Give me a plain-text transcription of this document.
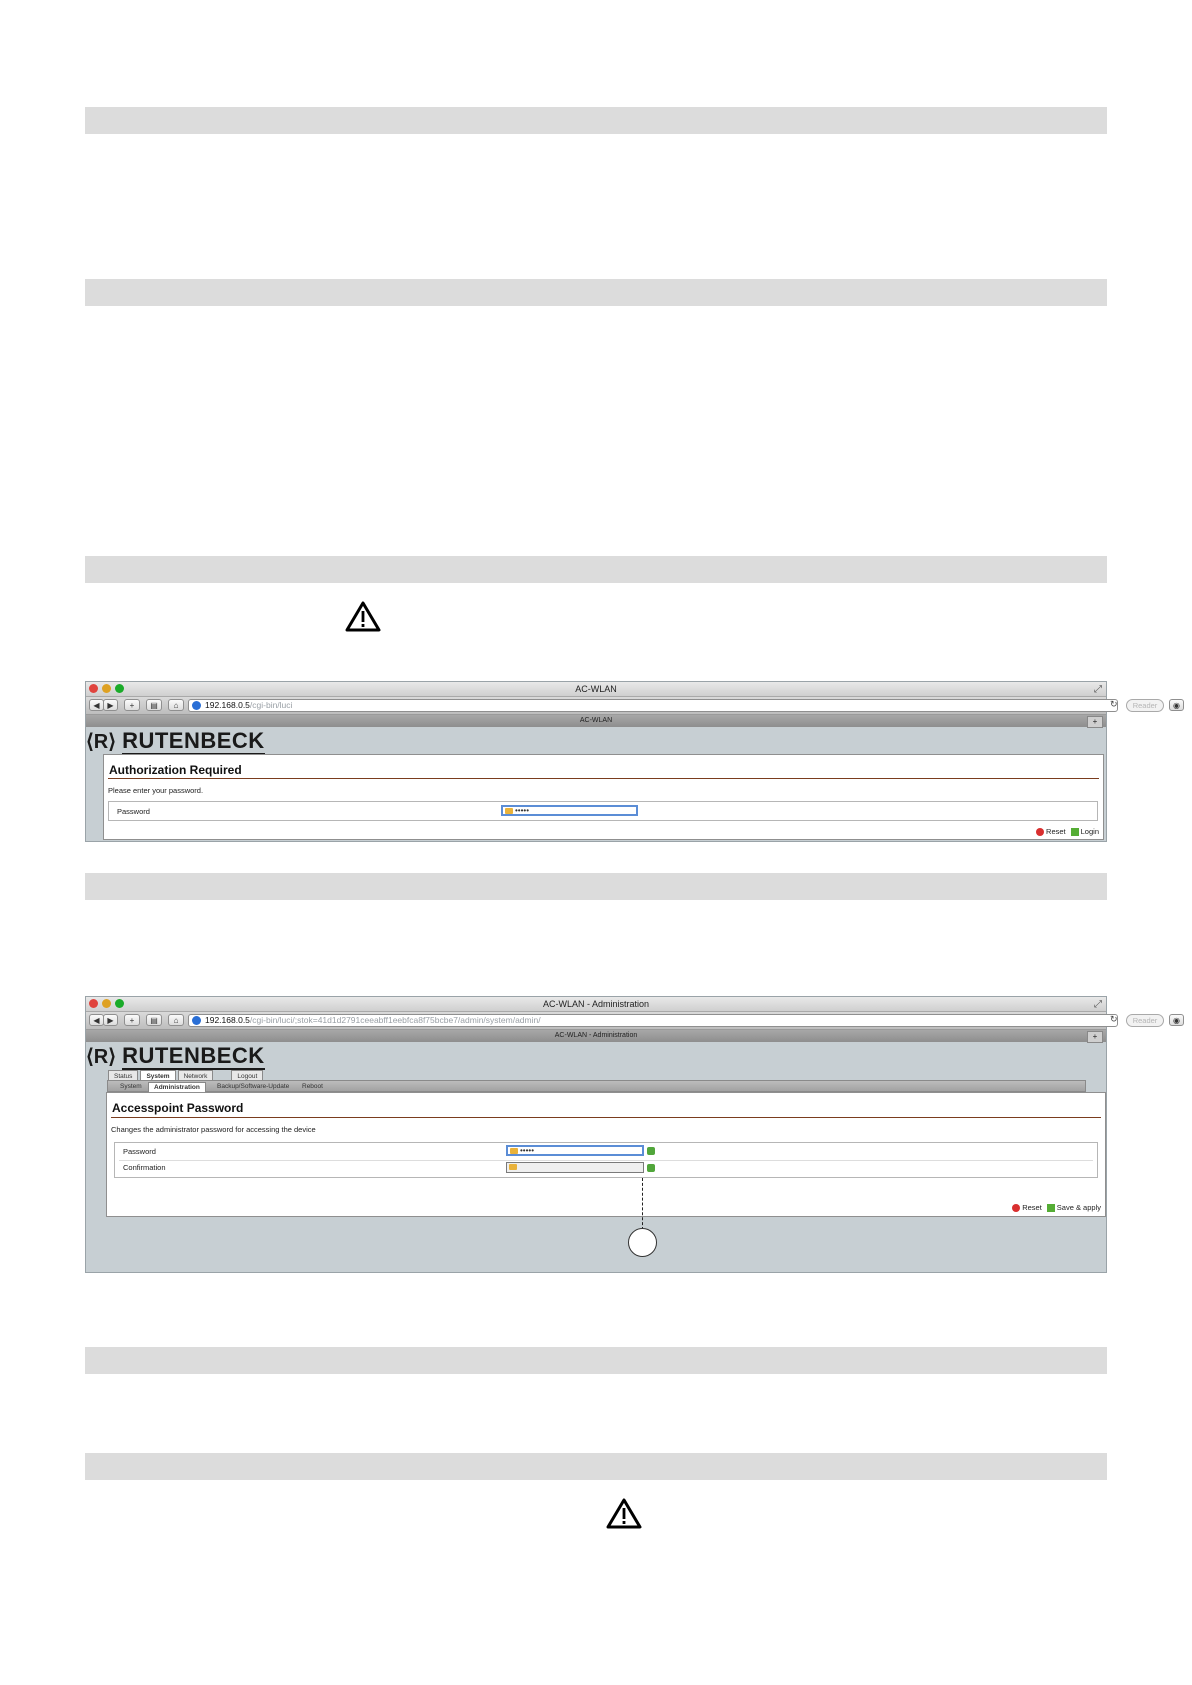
AC-WLAN	⤢
◀ ▶	+	▤	⌂	192.168.0.5/cgi-bin/luci	↻	Reader	◉
AC-WLAN	+
⟨R⟩ RUTENBECK
Authorization Required
Please enter your password.
Password	•••••
Reset Login
AC-WLAN - Administration	⤢
◀ ▶	+	▤	⌂	192.168.0.5/cgi-bin/luci/;stok=41d1d2791ceeabff1eebfca8f75bcbe7/admin/system/admin/	↻	Reader	◉
AC-WLAN - Administration	+
⟨R⟩ RUTENBECK
Status	System	Network	Logout
System	Administration	Backup/Software-Update	Reboot
Accesspoint Password
Changes the administrator password for accessing the device
Password	•••••
Confirmation
Reset Save & apply
